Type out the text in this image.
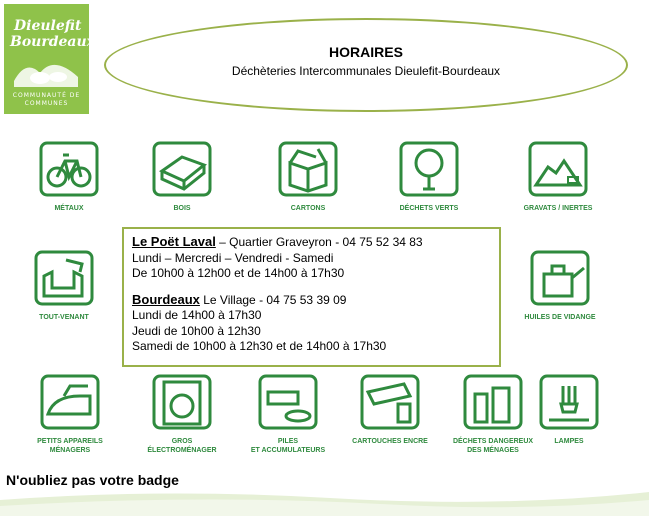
Dieulefit
Bourdeaux
COMMUNAUTÉ DE COMMUNES
HORAIRES
Déchèteries Intercommunales Dieulefit-Bourdeaux
MÉTAUX	BOIS	CARTONS	DÉCHETS VERTS	GRAVATS / INERTES
TOUT-VENANT	HUILES DE VIDANGE
PETITS APPAREILS
MÉNAGERS
GROS
ÉLECTROMÉNAGER
PILES
ET ACCUMULATEURS
CARTOUCHES ENCRE	DÉCHETS DANGEREUX
DES MÉNAGES
LAMPES
Le Poët Laval – Quartier Graveyron - 04 75 52 34 83
Lundi – Mercredi – Vendredi - Samedi
De 10h00 à 12h00 et de 14h00 à 17h30
Bourdeaux Le Village - 04 75 53 39 09
Lundi de 14h00 à 17h30
Jeudi de 10h00 à 12h30
Samedi de 10h00 à 12h30 et de 14h00 à 17h30
N'oubliez pas votre badge
